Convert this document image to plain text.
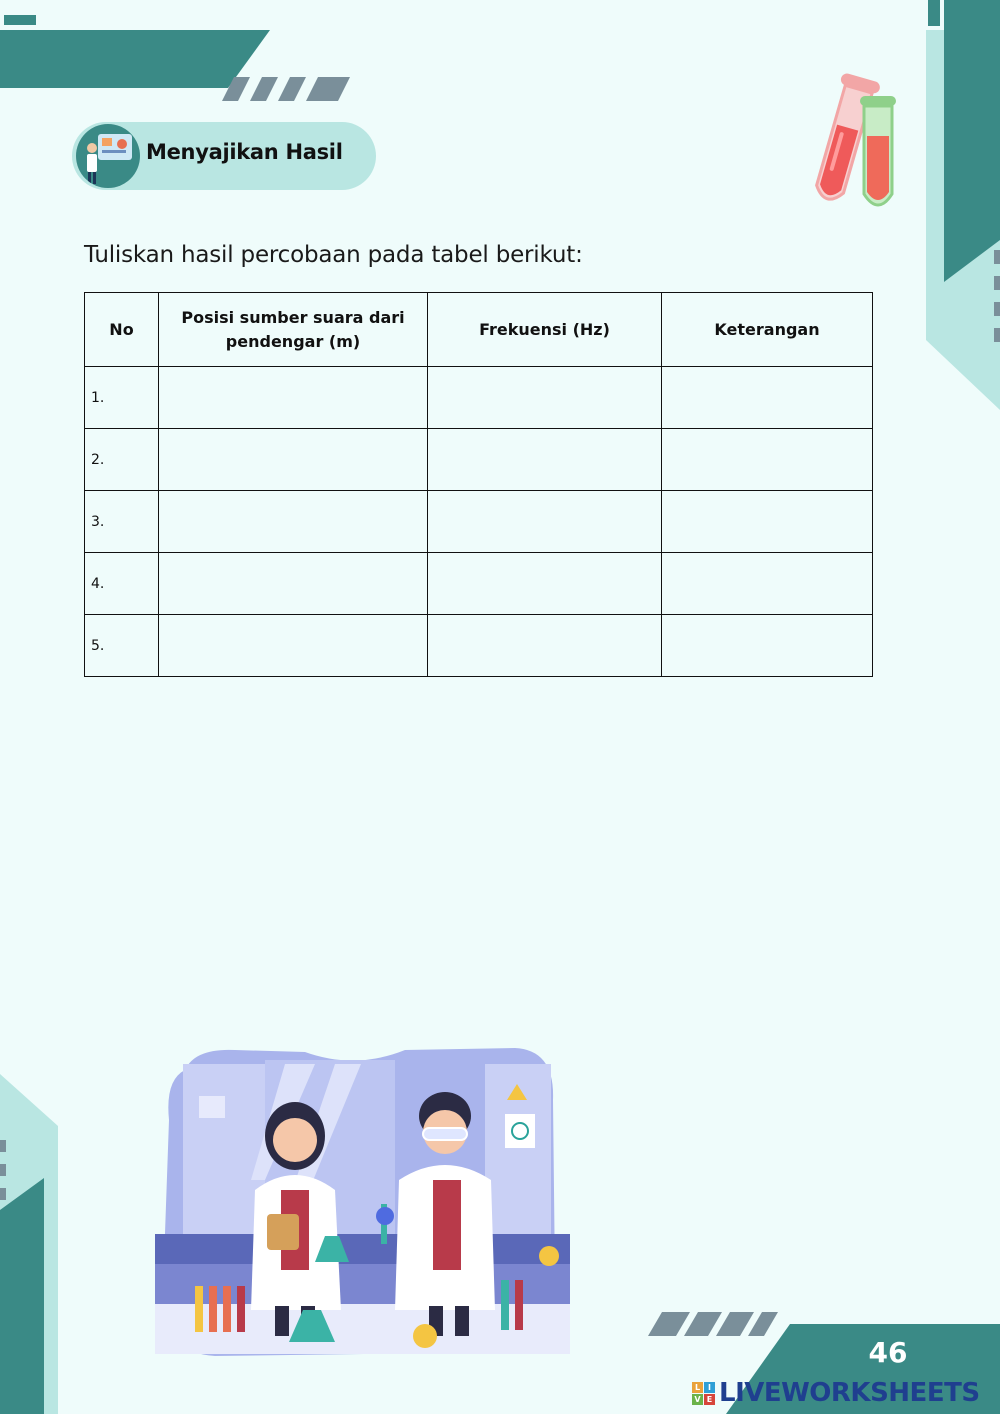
Menyajikan Hasil
Tuliskan hasil percobaan pada tabel berikut:
No	Posisi sumber suara dari pendengar (m)	Frekuensi (Hz)	Keterangan
1.			
2.			
3.			
4.			
5.			
46
L I
V E LIVEWORKSHEETS
